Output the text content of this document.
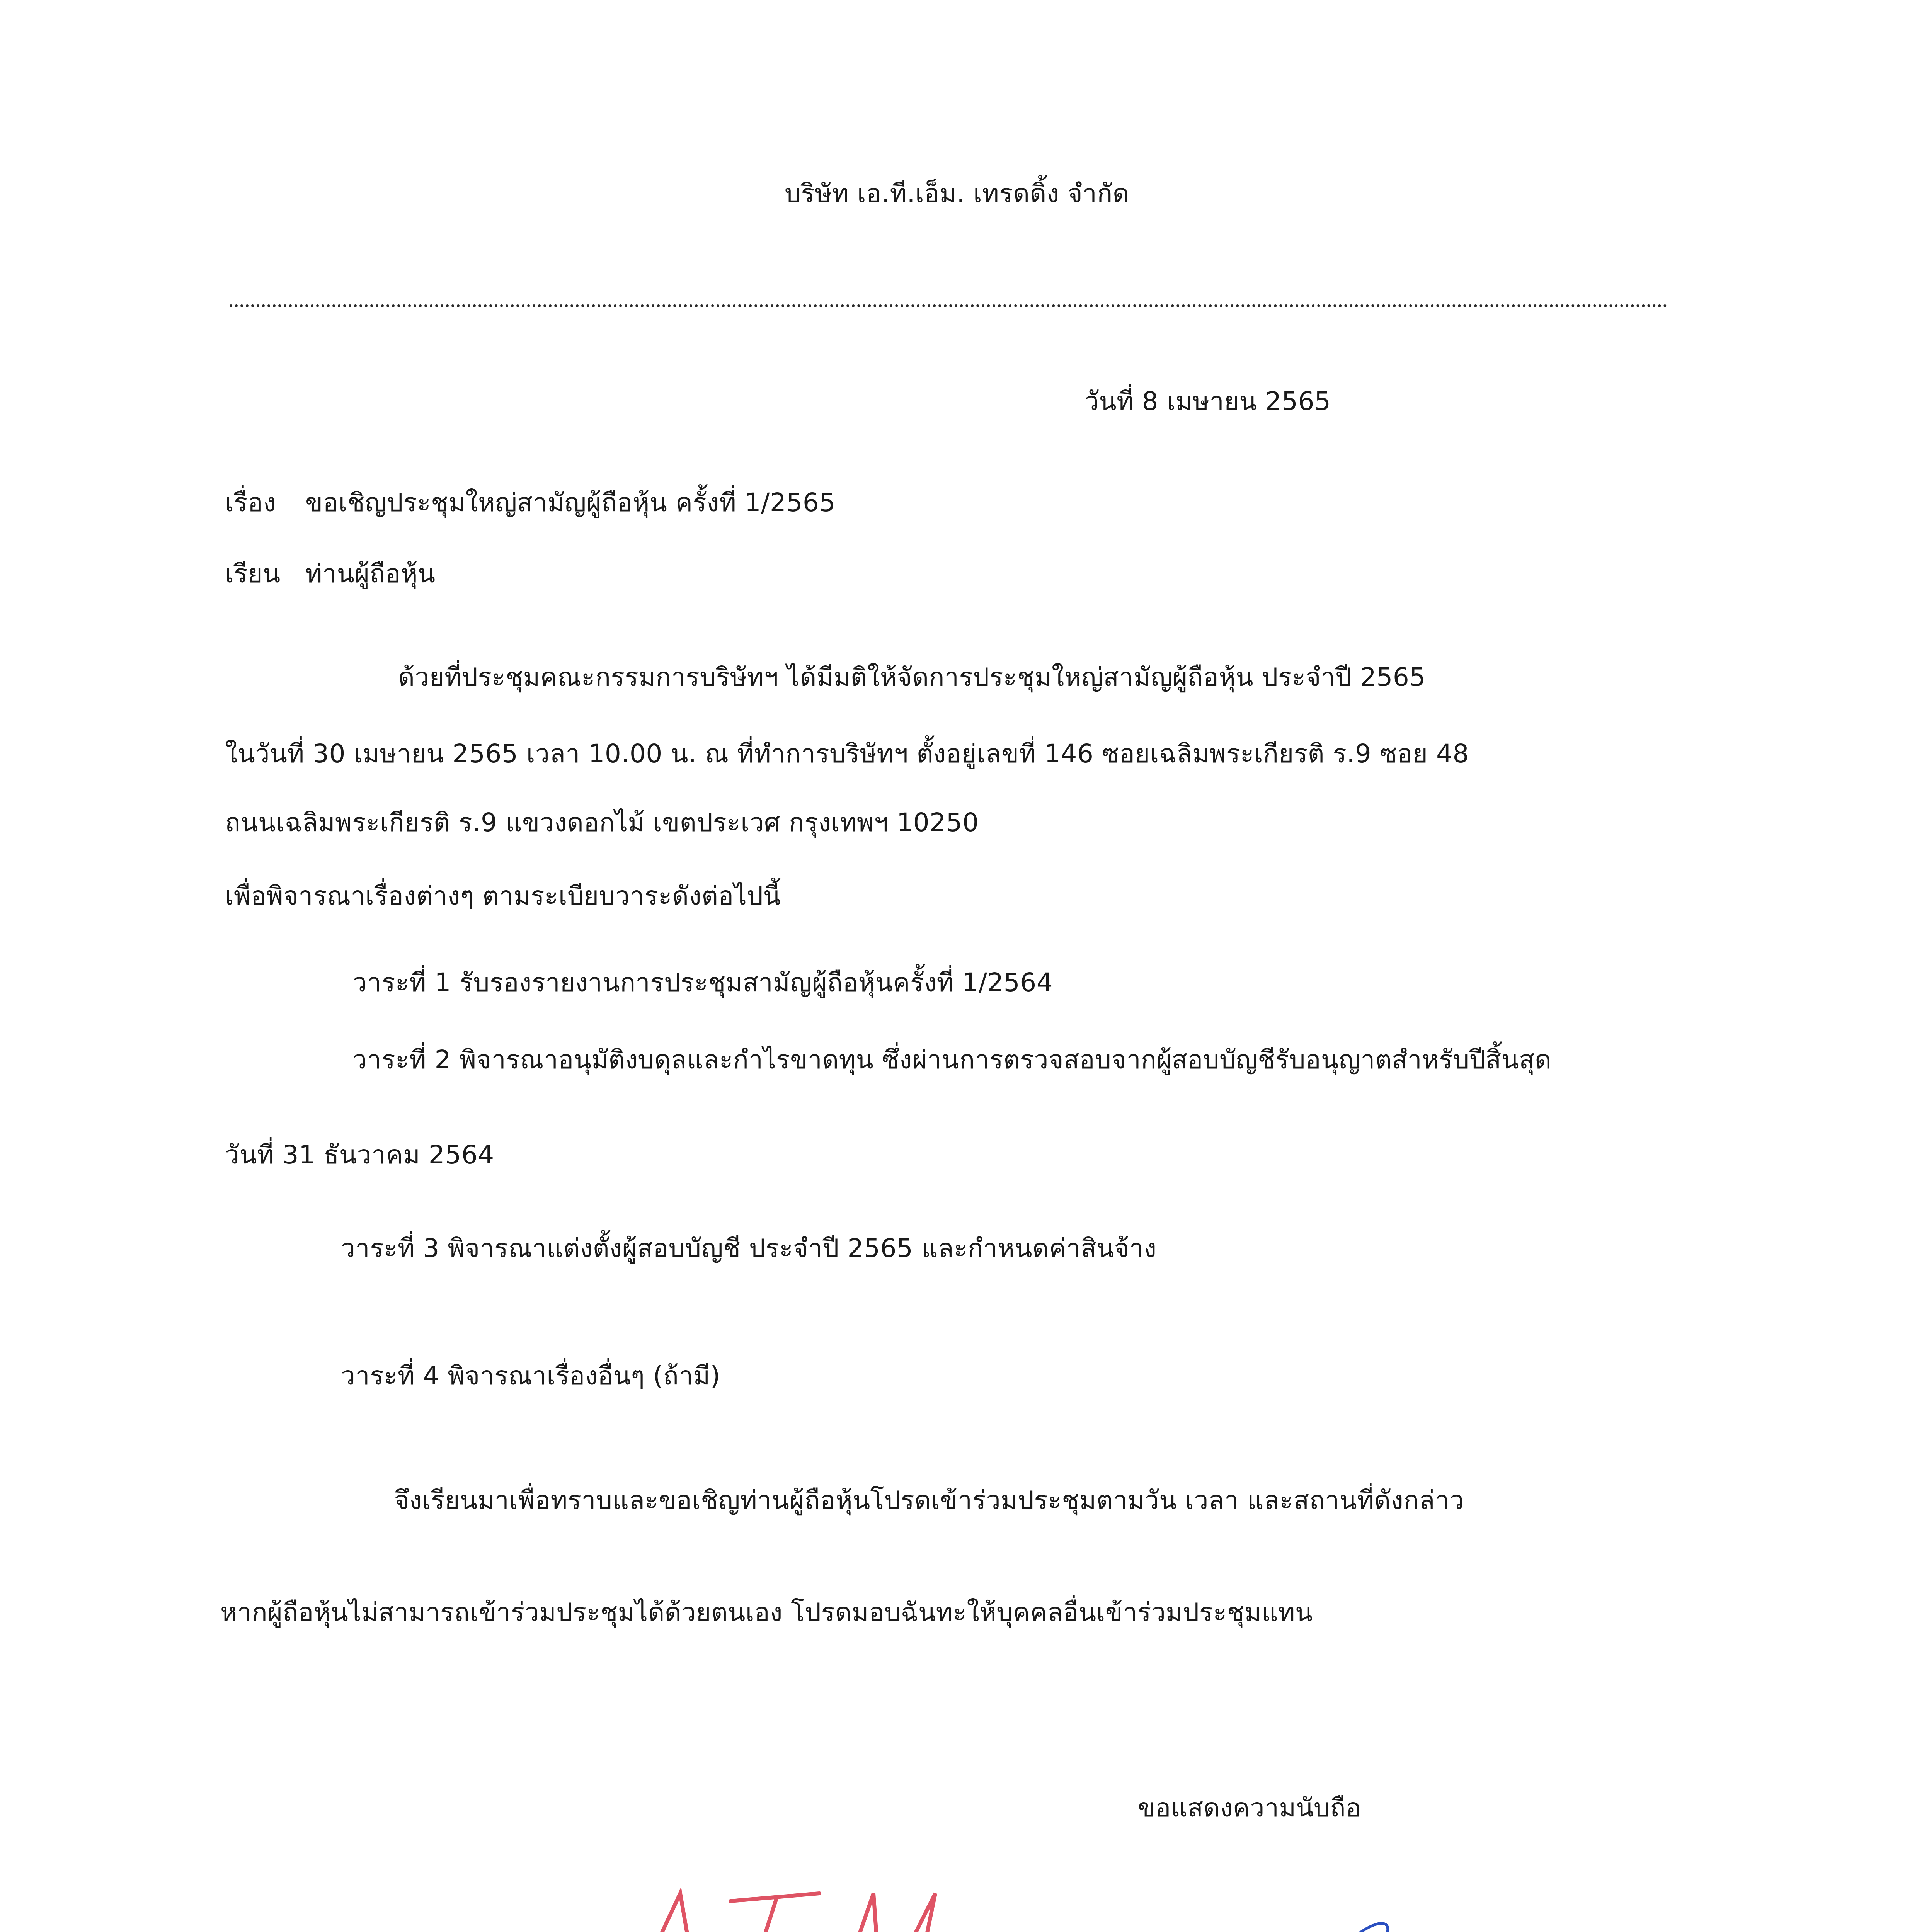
บริษัท เอ.ที.เอ็ม. เทรดดิ้ง จำกัด
วันที่ 8 เมษายน 2565
เรื่อง ขอเชิญประชุมใหญ่สามัญผู้ถือหุ้น ครั้งที่ 1/2565
เรียน ท่านผู้ถือหุ้น
ด้วยที่ประชุมคณะกรรมการบริษัทฯ ได้มีมติให้จัดการประชุมใหญ่สามัญผู้ถือหุ้น ประจำปี 2565
ในวันที่ 30 เมษายน 2565 เวลา 10.00 น. ณ ที่ทำการบริษัทฯ ตั้งอยู่เลขที่ 146 ซอยเฉลิมพระเกียรติ ร.9 ซอย 48
ถนนเฉลิมพระเกียรติ ร.9 แขวงดอกไม้ เขตประเวศ กรุงเทพฯ 10250
เพื่อพิจารณาเรื่องต่างๆ ตามระเบียบวาระดังต่อไปนี้
วาระที่ 1 รับรองรายงานการประชุมสามัญผู้ถือหุ้นครั้งที่ 1/2564
วาระที่ 2 พิจารณาอนุมัติงบดุลและกำไรขาดทุน ซึ่งผ่านการตรวจสอบจากผู้สอบบัญชีรับอนุญาตสำหรับปีสิ้นสุด
วันที่ 31 ธันวาคม 2564
วาระที่ 3 พิจารณาแต่งตั้งผู้สอบบัญชี ประจำปี 2565 และกำหนดค่าสินจ้าง
วาระที่ 4 พิจารณาเรื่องอื่นๆ (ถ้ามี)
จึงเรียนมาเพื่อทราบและขอเชิญท่านผู้ถือหุ้นโปรดเข้าร่วมประชุมตามวัน เวลา และสถานที่ดังกล่าว
หากผู้ถือหุ้นไม่สามารถเข้าร่วมประชุมได้ด้วยตนเอง โปรดมอบฉันทะให้บุคคลอื่นเข้าร่วมประชุมแทน
ขอแสดงความนับถือ
